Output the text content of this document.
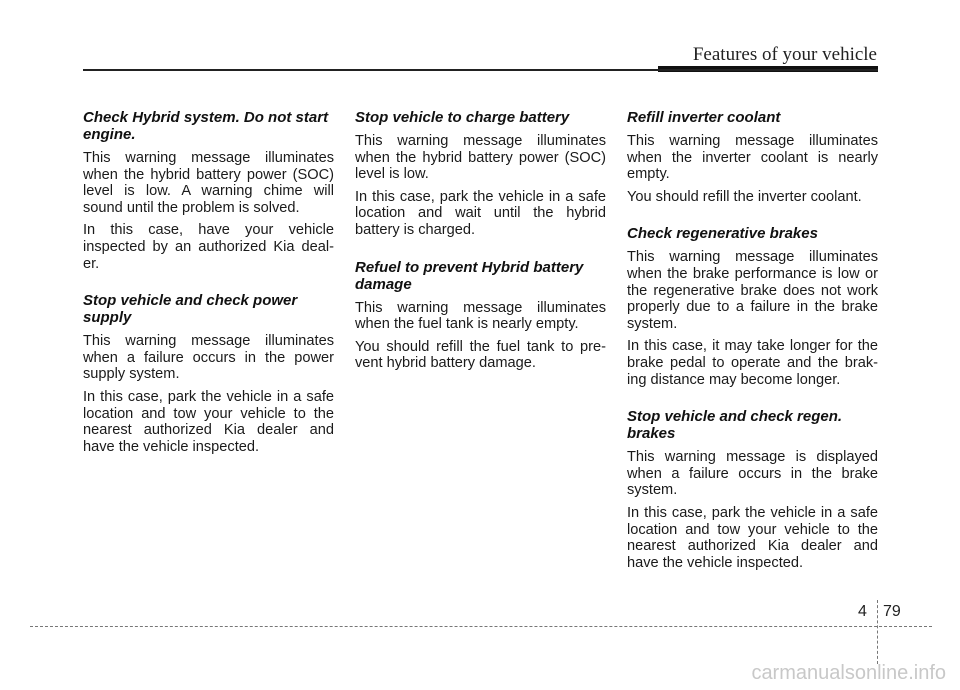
Features of your vehicle
Check Hybrid system. Do not start engine.

This warning message illuminates when the hybrid battery power (SOC) level is low. A warning chime will sound until the problem is solved.

In this case, have your vehicle inspected by an authorized Kia deal-er.

Stop vehicle and check power supply

This warning message illuminates when a failure occurs in the power supply system.

In this case, park the vehicle in a safe location and tow your vehicle to the nearest authorized Kia dealer and have the vehicle inspected.

Stop vehicle to charge battery

This warning message illuminates when the hybrid battery power (SOC) level is low.

In this case, park the vehicle in a safe location and wait until the hybrid battery is charged.

Refuel to prevent Hybrid battery damage

This warning message illuminates when the fuel tank is nearly empty.

You should refill the fuel tank to pre-vent hybrid battery damage.

Refill inverter coolant

This warning message illuminates when the inverter coolant is nearly empty.

You should refill the inverter coolant.

Check regenerative brakes

This warning message illuminates when the brake performance is low or the regenerative brake does not work properly due to a failure in the brake system.

In this case, it may take longer for the brake pedal to operate and the brak-ing distance may become longer.

Stop vehicle and check regen. brakes

This warning message is displayed when a failure occurs in the brake system.

In this case, park the vehicle in a safe location and tow your vehicle to the nearest authorized Kia dealer and have the vehicle inspected.

4 79
carmanualsonline.info
